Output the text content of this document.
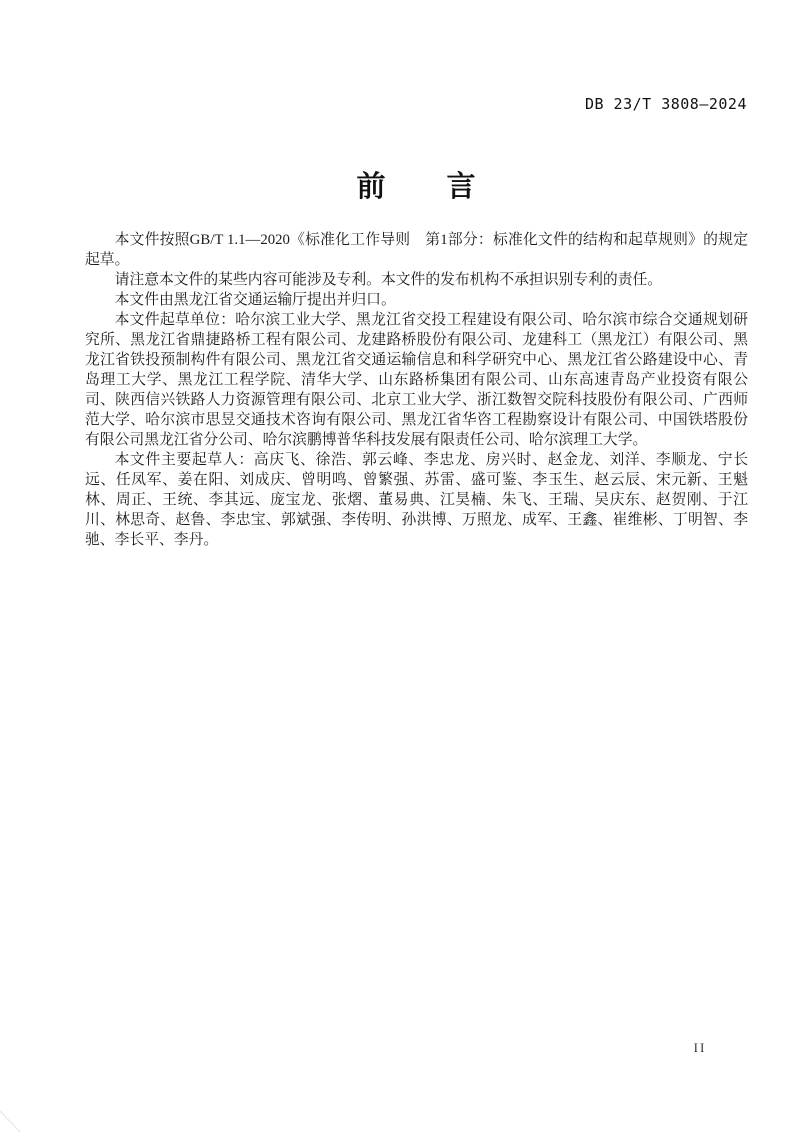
DB 23/T 3808—2024
前　　言

本文件按照GB/T 1.1—2020《标准化工作导则　第1部分：标准化文件的结构和起草规则》的规定起草。

请注意本文件的某些内容可能涉及专利。本文件的发布机构不承担识别专利的责任。

本文件由黑龙江省交通运输厅提出并归口。

本文件起草单位：哈尔滨工业大学、黑龙江省交投工程建设有限公司、哈尔滨市综合交通规划研究所、黑龙江省鼎捷路桥工程有限公司、龙建路桥股份有限公司、龙建科工（黑龙江）有限公司、黑龙江省铁投预制构件有限公司、黑龙江省交通运输信息和科学研究中心、黑龙江省公路建设中心、青岛理工大学、黑龙江工程学院、清华大学、山东路桥集团有限公司、山东高速青岛产业投资有限公司、陕西信兴铁路人力资源管理有限公司、北京工业大学、浙江数智交院科技股份有限公司、广西师范大学、哈尔滨市思昱交通技术咨询有限公司、黑龙江省华咨工程勘察设计有限公司、中国铁塔股份有限公司黑龙江省分公司、哈尔滨鹏博普华科技发展有限责任公司、哈尔滨理工大学。

本文件主要起草人：高庆飞、徐浩、郭云峰、李忠龙、房兴时、赵金龙、刘洋、李顺龙、宁长远、任凤军、姜在阳、刘成庆、曾明鸣、曾繁强、苏雷、盛可鉴、李玉生、赵云辰、宋元新、王魁林、周正、王统、李其远、庞宝龙、张熠、董易典、江昊楠、朱飞、王瑞、吴庆东、赵贺刚、于江川、林思奇、赵鲁、李忠宝、郭斌强、李传明、孙洪博、万照龙、成军、王鑫、崔维彬、丁明智、李驰、李长平、李丹。

II
